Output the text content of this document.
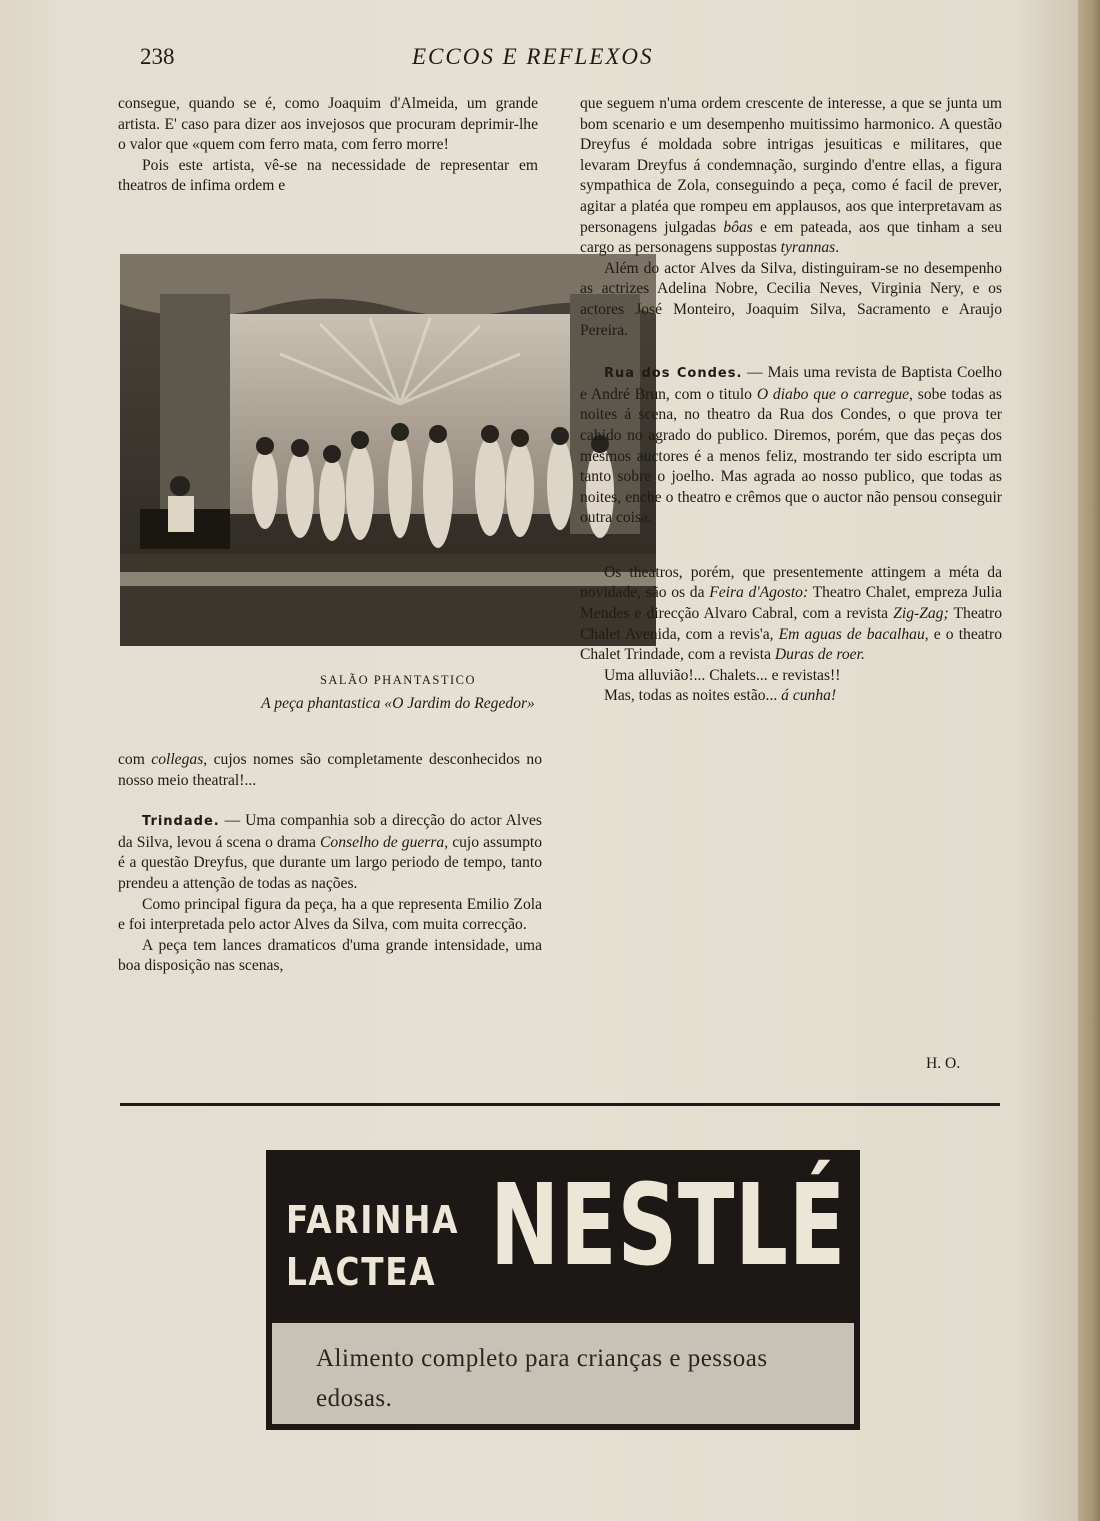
238	ECCOS E REFLEXOS

consegue, quando se é, como Joaquim d'Almeida, um grande artista. E' caso para dizer aos invejosos que procuram deprimir-lhe o valor que «quem com ferro mata, com ferro morre!

Pois este artista, vê-se na necessidade de representar em theatros de infima ordem e

SALÃO PHANTASTICO
A peça phantastica «O Jardim do Regedor»

com collegas, cujos nomes são completamente desconhecidos no nosso meio theatral!...

Trindade. — Uma companhia sob a direcção do actor Alves da Silva, levou á scena o drama Conselho de guerra, cujo assumpto é a questão Dreyfus, que durante um largo periodo de tempo, tanto prendeu a attenção de todas as nações.

Como principal figura da peça, ha a que representa Emilio Zola e foi interpretada pelo actor Alves da Silva, com muita correcção.

A peça tem lances dramaticos d'uma grande intensidade, uma boa disposição nas scenas,

que seguem n'uma ordem crescente de interesse, a que se junta um bom scenario e um desempenho muitissimo harmonico. A questão Dreyfus é moldada sobre intrigas jesuiticas e militares, que levaram Dreyfus á condemnação, surgindo d'entre ellas, a figura sympathica de Zola, conseguindo a peça, como é facil de prever, agitar a platéa que rompeu em applausos, aos que interpretavam as personagens julgadas bôas e em pateada, aos que tinham a seu cargo as personagens suppostas tyrannas.

Além do actor Alves da Silva, distinguiram-se no desempenho as actrizes Adelina Nobre, Cecilia Neves, Virginia Nery, e os actores José Monteiro, Joaquim Silva, Sacramento e Araujo Pereira.

Rua dos Condes. — Mais uma revista de Baptista Coelho e André Brun, com o titulo O diabo que o carregue, sobe todas as noites á scena, no theatro da Rua dos Condes, o que prova ter cahido no agrado do publico. Diremos, porém, que das peças dos mesmos auctores é a menos feliz, mostrando ter sido escripta um tanto sobre o joelho. Mas agrada ao nosso publico, que todas as noites, enche o theatro e crêmos que o auctor não pensou conseguir outra coisa.

Os theatros, porém, que presentemente attingem a méta da novidade, são os da Feira d'Agosto: Theatro Chalet, empreza Julia Mendes e direcção Alvaro Cabral, com a revista Zig-Zag; Theatro Chalet Avenida, com a revis'a, Em aguas de bacalhau, e o theatro Chalet Trindade, com a revista Duras de roer.

Uma alluvião!... Chalets... e revistas!!

Mas, todas as noites estão... á cunha!

H. O.
FARINHA
LACTEA NESTLÉ
Alimento completo para crianças e pessoas edosas.
